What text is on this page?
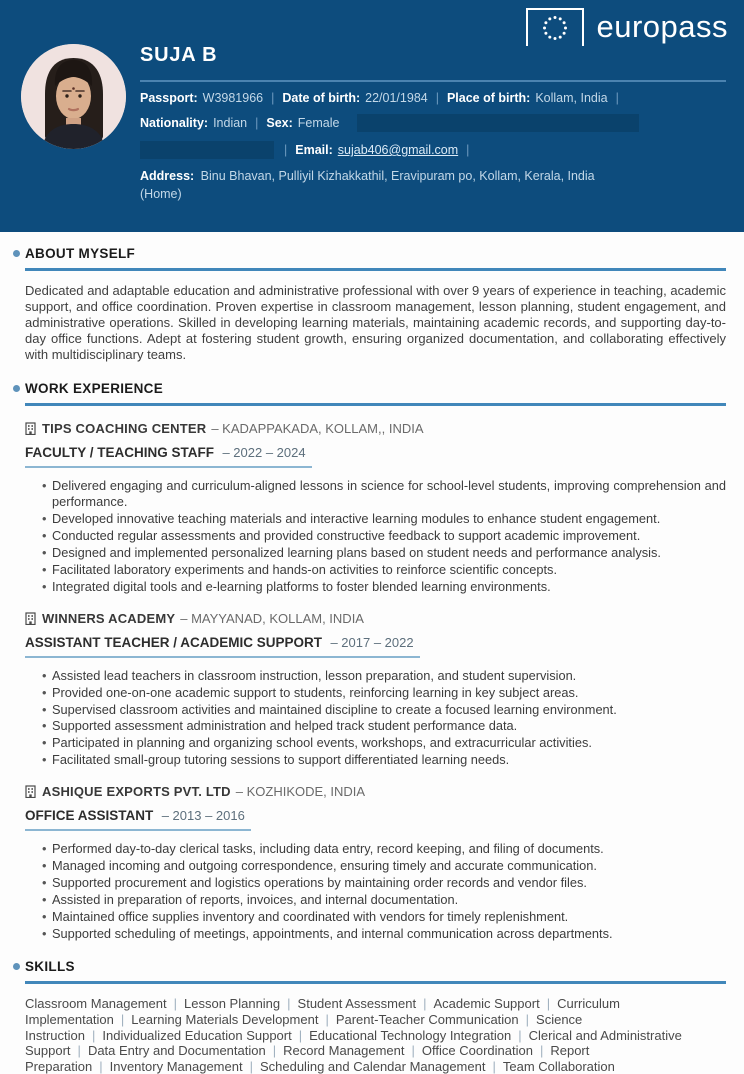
europass
SUJA B
Passport: W3981966 | Date of birth: 22/01/1984 | Place of birth: Kollam, India |
Nationality: Indian | Sex: Female
| Email: sujab406@gmail.com |
Address: Binu Bhavan, Pulliyil Kizhakkathil, Eravipuram po, Kollam, Kerala, India (Home)
ABOUT MYSELF

Dedicated and adaptable education and administrative professional with over 9 years of experience in teaching, academic support, and office coordination. Proven expertise in classroom management, lesson planning, student engagement, and administrative operations. Skilled in developing learning materials, maintaining academic records, and supporting day-to-day office functions. Adept at fostering student growth, ensuring organized documentation, and collaborating effectively with multidisciplinary teams.

WORK EXPERIENCE
TIPS COACHING CENTER – KADAPPAKADA, KOLLAM,, INDIA
FACULTY / TEACHING STAFF – 2022 – 2024
• Delivered engaging and curriculum-aligned lessons in science for school-level students, improving comprehension and performance.
• Developed innovative teaching materials and interactive learning modules to enhance student engagement.
• Conducted regular assessments and provided constructive feedback to support academic improvement.
• Designed and implemented personalized learning plans based on student needs and performance analysis.
• Facilitated laboratory experiments and hands-on activities to reinforce scientific concepts.
• Integrated digital tools and e-learning platforms to foster blended learning environments.
WINNERS ACADEMY – MAYYANAD, KOLLAM, INDIA
ASSISTANT TEACHER / ACADEMIC SUPPORT – 2017 – 2022
• Assisted lead teachers in classroom instruction, lesson preparation, and student supervision.
• Provided one-on-one academic support to students, reinforcing learning in key subject areas.
• Supervised classroom activities and maintained discipline to create a focused learning environment.
• Supported assessment administration and helped track student performance data.
• Participated in planning and organizing school events, workshops, and extracurricular activities.
• Facilitated small-group tutoring sessions to support differentiated learning needs.
ASHIQUE EXPORTS PVT. LTD – KOZHIKODE, INDIA
OFFICE ASSISTANT – 2013 – 2016
• Performed day-to-day clerical tasks, including data entry, record keeping, and filing of documents.
• Managed incoming and outgoing correspondence, ensuring timely and accurate communication.
• Supported procurement and logistics operations by maintaining order records and vendor files.
• Assisted in preparation of reports, invoices, and internal documentation.
• Maintained office supplies inventory and coordinated with vendors for timely replenishment.
• Supported scheduling of meetings, appointments, and internal communication across departments.
SKILLS
Classroom Management | Lesson Planning | Student Assessment | Academic Support | Curriculum Implementation | Learning Materials Development | Parent-Teacher Communication | Science Instruction | Individualized Education Support | Educational Technology Integration | Clerical and Administrative Support | Data Entry and Documentation | Record Management | Office Coordination | Report Preparation | Inventory Management | Scheduling and Calendar Management | Team Collaboration
